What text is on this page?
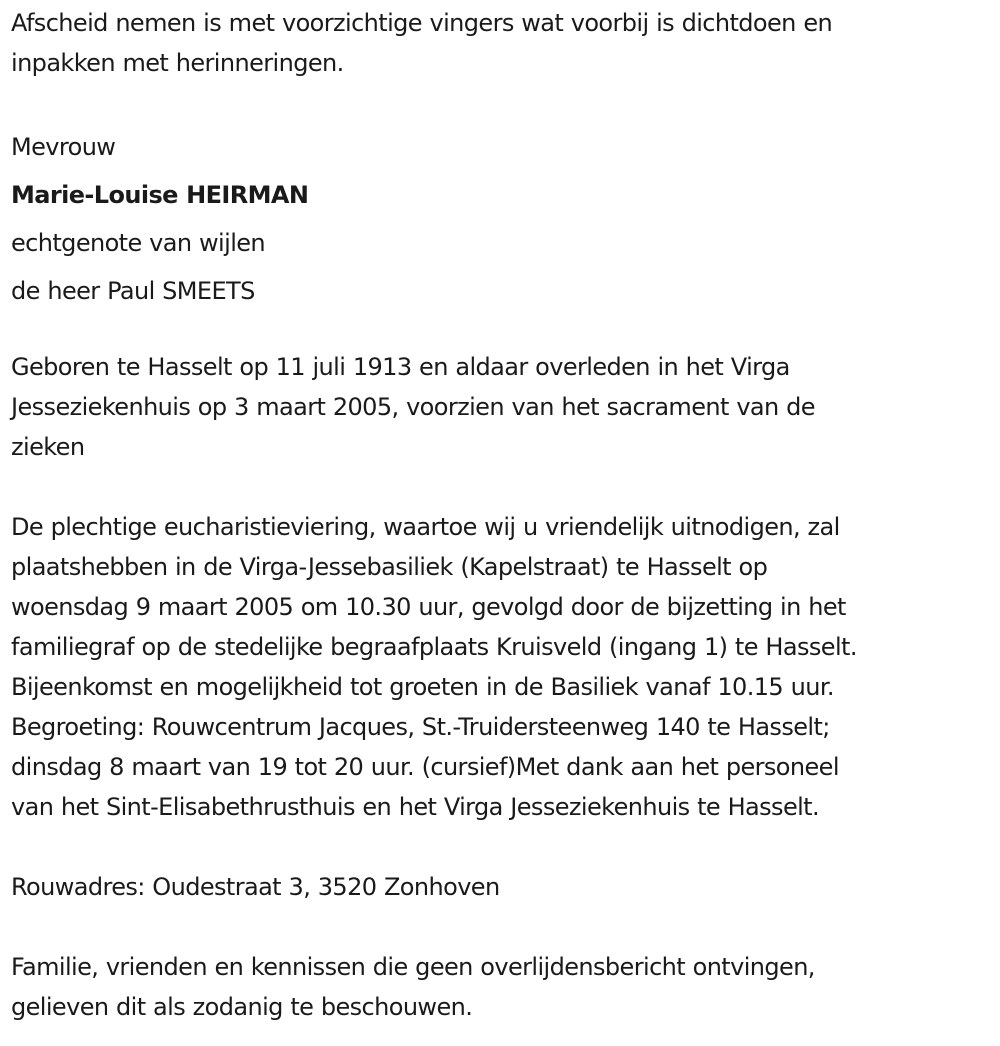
Afscheid nemen is met voorzichtige vingers wat voorbij is dichtdoen en
inpakken met herinneringen.

Mevrouw
Marie-Louise HEIRMAN
echtgenote van wijlen
de heer Paul SMEETS

Geboren te Hasselt op 11 juli 1913 en aldaar overleden in het Virga
Jesseziekenhuis op 3 maart 2005, voorzien van het sacrament van de
zieken

De plechtige eucharistieviering, waartoe wij u vriendelijk uitnodigen, zal
plaatshebben in de Virga-Jessebasiliek (Kapelstraat) te Hasselt op
woensdag 9 maart 2005 om 10.30 uur, gevolgd door de bijzetting in het
familiegraf op de stedelijke begraafplaats Kruisveld (ingang 1) te Hasselt.
Bijeenkomst en mogelijkheid tot groeten in de Basiliek vanaf 10.15 uur.
Begroeting: Rouwcentrum Jacques, St.-Truidersteenweg 140 te Hasselt;
dinsdag 8 maart van 19 tot 20 uur. (cursief)Met dank aan het personeel
van het Sint-Elisabethrusthuis en het Virga Jesseziekenhuis te Hasselt.

Rouwadres: Oudestraat 3, 3520 Zonhoven

Familie, vrienden en kennissen die geen overlijdensbericht ontvingen,
gelieven dit als zodanig te beschouwen.
